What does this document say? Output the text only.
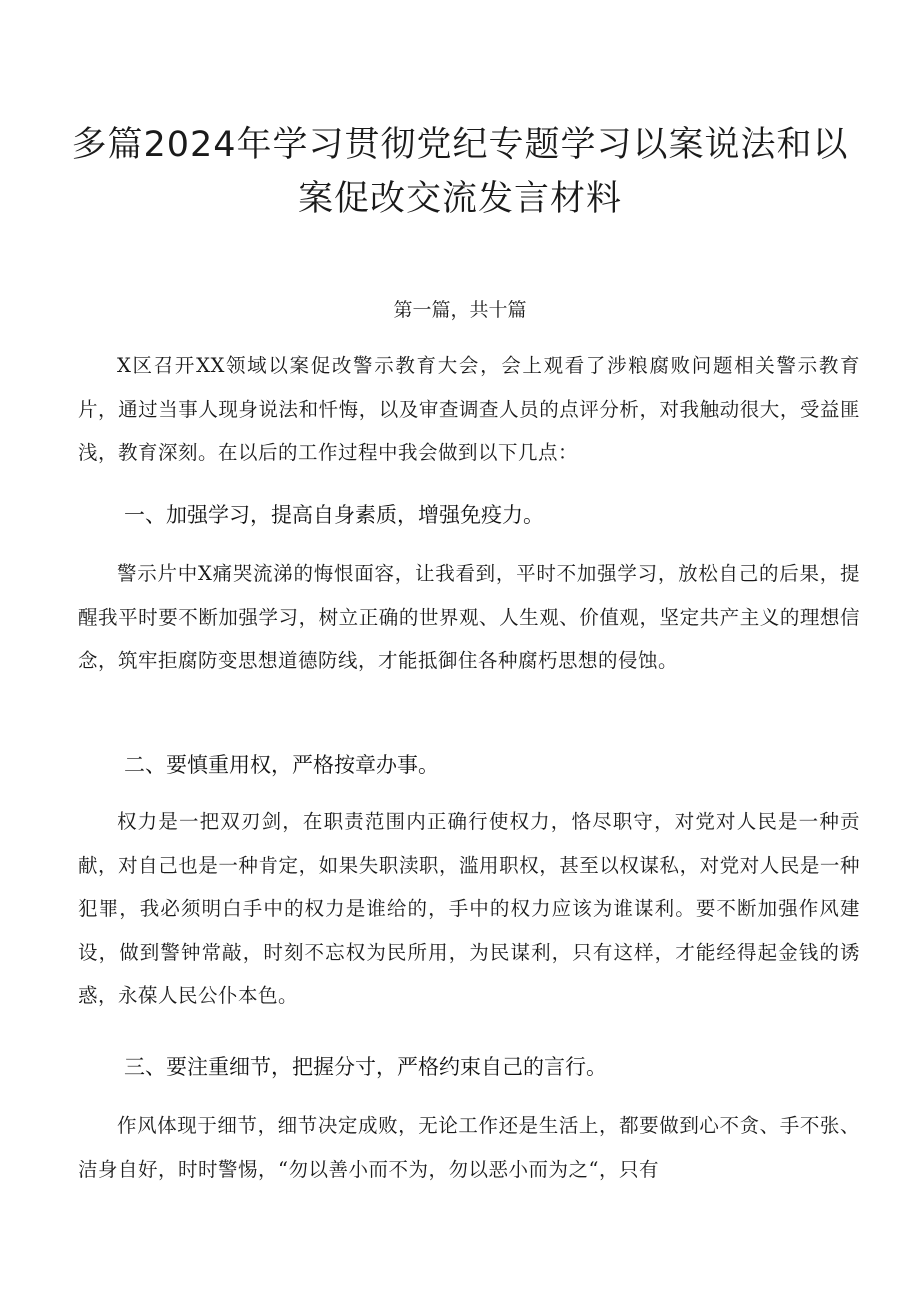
多篇2024年学习贯彻党纪专题学习以案说法和以案促改交流发言材料

第一篇，共十篇

X区召开XX领域以案促改警示教育大会，会上观看了涉粮腐败问题相关警示教育片，通过当事人现身说法和忏悔，以及审查调查人员的点评分析，对我触动很大，受益匪浅，教育深刻。在以后的工作过程中我会做到以下几点：

一、加强学习，提高自身素质，增强免疫力。

警示片中X痛哭流涕的悔恨面容，让我看到，平时不加强学习，放松自己的后果，提醒我平时要不断加强学习，树立正确的世界观、人生观、价值观，坚定共产主义的理想信念，筑牢拒腐防变思想道德防线，才能抵御住各种腐朽思想的侵蚀。

二、要慎重用权，严格按章办事。

权力是一把双刃剑，在职责范围内正确行使权力，恪尽职守，对党对人民是一种贡献，对自己也是一种肯定，如果失职渎职，滥用职权，甚至以权谋私，对党对人民是一种犯罪，我必须明白手中的权力是谁给的，手中的权力应该为谁谋利。要不断加强作风建设，做到警钟常敲，时刻不忘权为民所用，为民谋利，只有这样，才能经得起金钱的诱惑，永葆人民公仆本色。

三、要注重细节，把握分寸，严格约束自己的言行。

作风体现于细节，细节决定成败，无论工作还是生活上，都要做到心不贪、手不张、洁身自好，时时警惕，“勿以善小而不为，勿以恶小而为之“，只有
